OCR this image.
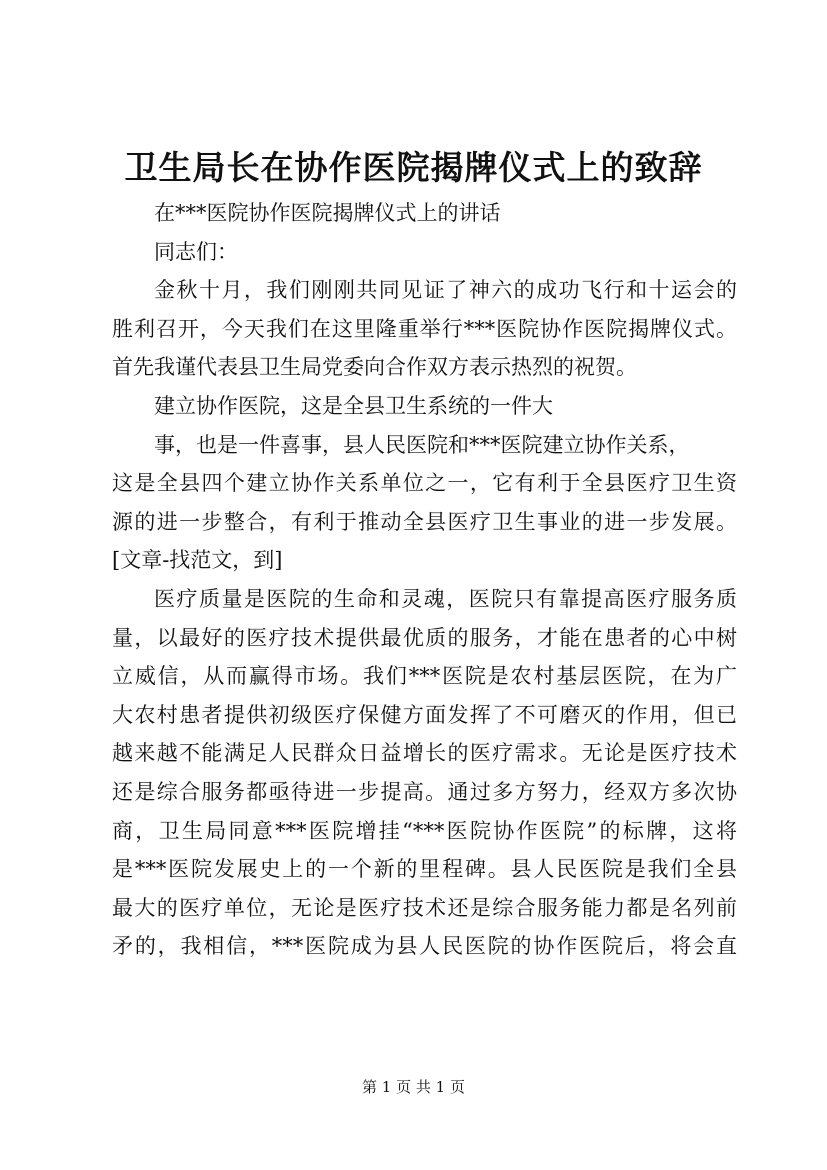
卫生局长在协作医院揭牌仪式上的致辞
在***医院协作医院揭牌仪式上的讲话
同志们：
金秋十月，我们刚刚共同见证了神六的成功飞行和十运会的
胜利召开，今天我们在这里隆重举行***医院协作医院揭牌仪式。
首先我谨代表县卫生局党委向合作双方表示热烈的祝贺。
建立协作医院，这是全县卫生系统的一件大
事，也是一件喜事，县人民医院和***医院建立协作关系，
这是全县四个建立协作关系单位之一，它有利于全县医疗卫生资
源的进一步整合，有利于推动全县医疗卫生事业的进一步发展。
[文章-找范文，到]
医疗质量是医院的生命和灵魂，医院只有靠提高医疗服务质
量，以最好的医疗技术提供最优质的服务，才能在患者的心中树
立威信，从而赢得市场。我们***医院是农村基层医院，在为广
大农村患者提供初级医疗保健方面发挥了不可磨灭的作用，但已
越来越不能满足人民群众日益增长的医疗需求。无论是医疗技术
还是综合服务都亟待进一步提高。通过多方努力，经双方多次协
商，卫生局同意***医院增挂“***医院协作医院”的标牌，这将
是***医院发展史上的一个新的里程碑。县人民医院是我们全县
最大的医疗单位，无论是医疗技术还是综合服务能力都是名列前
矛的，我相信，***医院成为县人民医院的协作医院后，将会直
第 1 页 共 1 页
